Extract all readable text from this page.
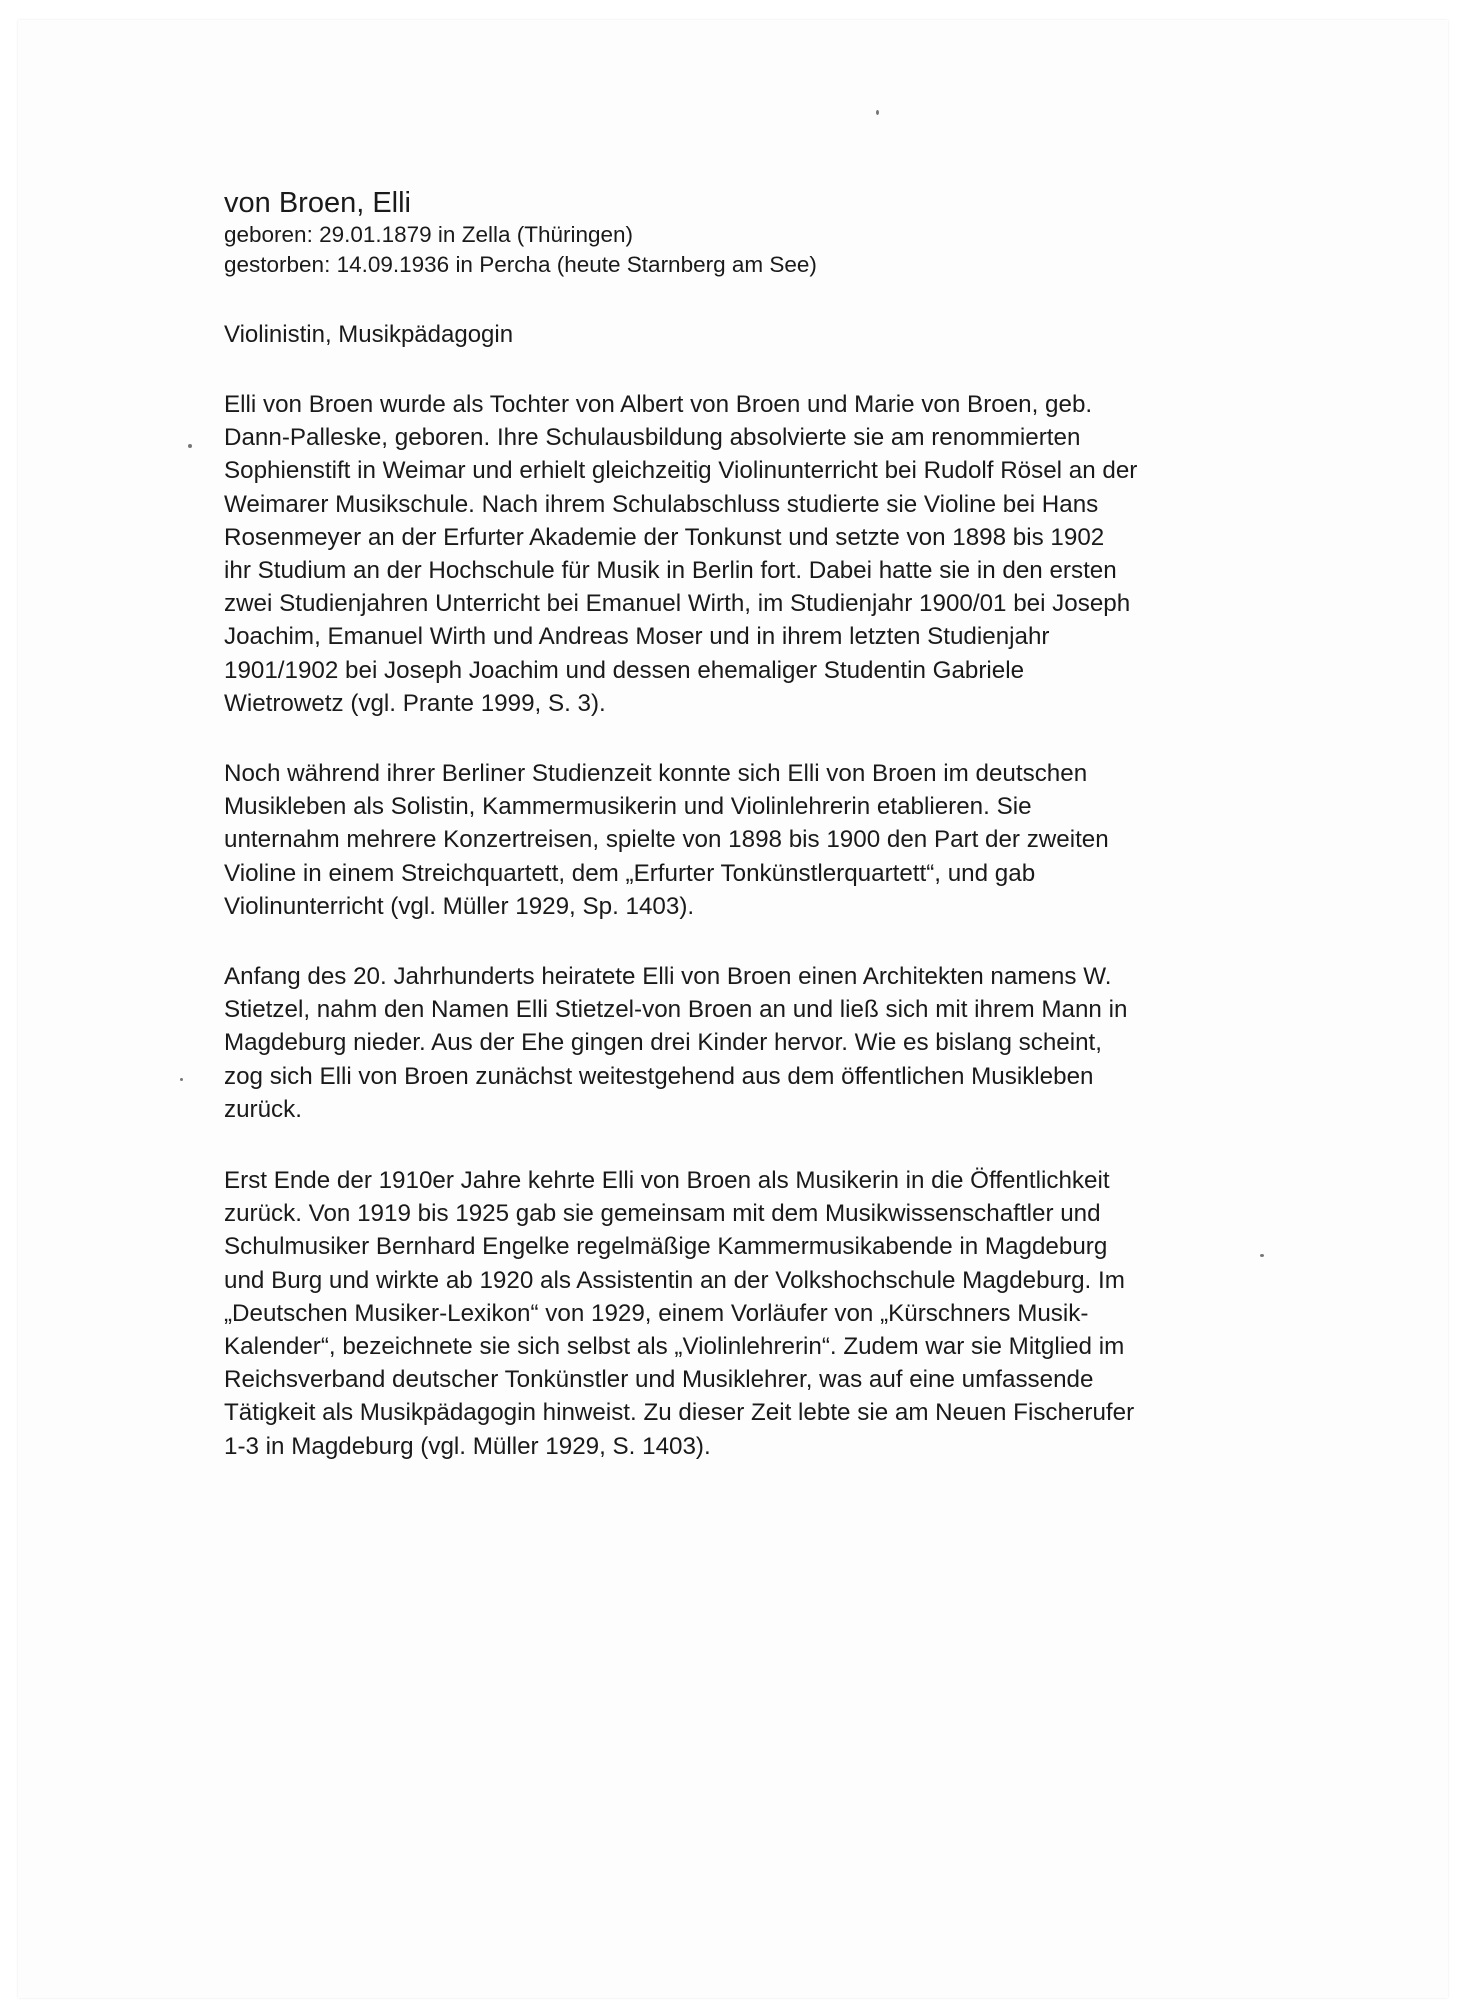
von Broen, Elli

geboren: 29.01.1879 in Zella (Thüringen)

gestorben: 14.09.1936 in Percha (heute Starnberg am See)

Violinistin, Musikpädagogin

Elli von Broen wurde als Tochter von Albert von Broen und Marie von Broen, geb.
Dann-Palleske, geboren. Ihre Schulausbildung absolvierte sie am renommierten
Sophienstift in Weimar und erhielt gleichzeitig Violinunterricht bei Rudolf Rösel an der
Weimarer Musikschule. Nach ihrem Schulabschluss studierte sie Violine bei Hans
Rosenmeyer an der Erfurter Akademie der Tonkunst und setzte von 1898 bis 1902
ihr Studium an der Hochschule für Musik in Berlin fort. Dabei hatte sie in den ersten
zwei Studienjahren Unterricht bei Emanuel Wirth, im Studienjahr 1900/01 bei Joseph
Joachim, Emanuel Wirth und Andreas Moser und in ihrem letzten Studienjahr
1901/1902 bei Joseph Joachim und dessen ehemaliger Studentin Gabriele
Wietrowetz (vgl. Prante 1999, S. 3).

Noch während ihrer Berliner Studienzeit konnte sich Elli von Broen im deutschen
Musikleben als Solistin, Kammermusikerin und Violinlehrerin etablieren. Sie
unternahm mehrere Konzertreisen, spielte von 1898 bis 1900 den Part der zweiten
Violine in einem Streichquartett, dem „Erfurter Tonkünstlerquartett“, und gab
Violinunterricht (vgl. Müller 1929, Sp. 1403).

Anfang des 20. Jahrhunderts heiratete Elli von Broen einen Architekten namens W.
Stietzel, nahm den Namen Elli Stietzel-von Broen an und ließ sich mit ihrem Mann in
Magdeburg nieder. Aus der Ehe gingen drei Kinder hervor. Wie es bislang scheint,
zog sich Elli von Broen zunächst weitestgehend aus dem öffentlichen Musikleben
zurück.

Erst Ende der 1910er Jahre kehrte Elli von Broen als Musikerin in die Öffentlichkeit
zurück. Von 1919 bis 1925 gab sie gemeinsam mit dem Musikwissenschaftler und
Schulmusiker Bernhard Engelke regelmäßige Kammermusikabende in Magdeburg
und Burg und wirkte ab 1920 als Assistentin an der Volkshochschule Magdeburg. Im
„Deutschen Musiker-Lexikon“ von 1929, einem Vorläufer von „Kürschners Musik-
Kalender“, bezeichnete sie sich selbst als „Violinlehrerin“. Zudem war sie Mitglied im
Reichsverband deutscher Tonkünstler und Musiklehrer, was auf eine umfassende
Tätigkeit als Musikpädagogin hinweist. Zu dieser Zeit lebte sie am Neuen Fischerufer
1-3 in Magdeburg (vgl. Müller 1929, S. 1403).
